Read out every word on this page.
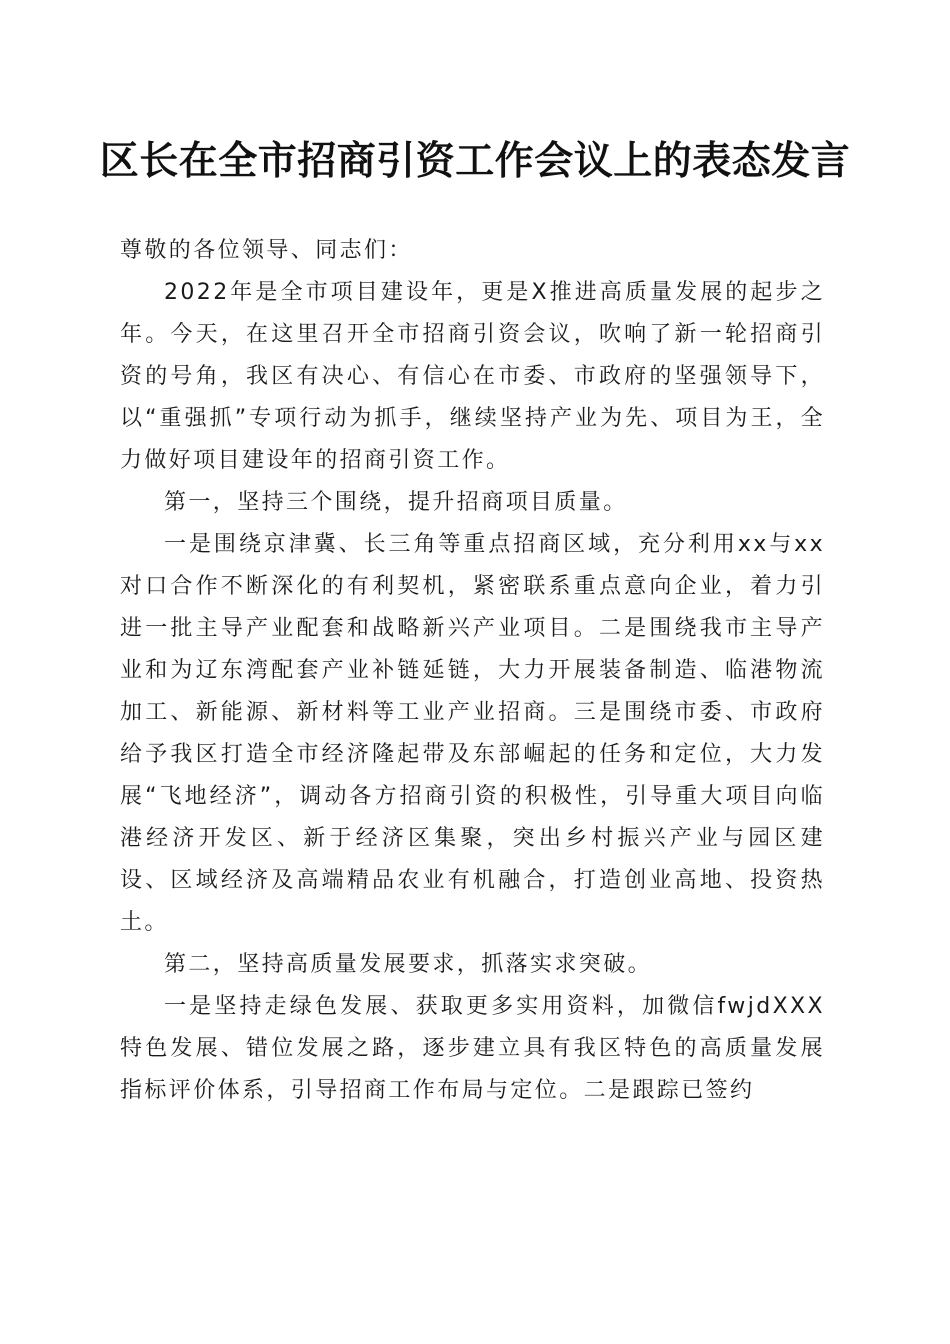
区长在全市招商引资工作会议上的表态发言

尊敬的各位领导、同志们：

2022年是全市项目建设年，更是X推进高质量发展的起步之年。今天，在这里召开全市招商引资会议，吹响了新一轮招商引资的号角，我区有决心、有信心在市委、市政府的坚强领导下，以“重强抓”专项行动为抓手，继续坚持产业为先、项目为王，全力做好项目建设年的招商引资工作。

第一，坚持三个围绕，提升招商项目质量。

一是围绕京津冀、长三角等重点招商区域，充分利用xx与xx对口合作不断深化的有利契机，紧密联系重点意向企业，着力引进一批主导产业配套和战略新兴产业项目。二是围绕我市主导产业和为辽东湾配套产业补链延链，大力开展装备制造、临港物流加工、新能源、新材料等工业产业招商。三是围绕市委、市政府给予我区打造全市经济隆起带及东部崛起的任务和定位，大力发展“飞地经济”，调动各方招商引资的积极性，引导重大项目向临港经济开发区、新于经济区集聚，突出乡村振兴产业与园区建设、区域经济及高端精品农业有机融合，打造创业高地、投资热土。

第二，坚持高质量发展要求，抓落实求突破。

一是坚持走绿色发展、获取更多实用资料，加微信fwjdXXX特色发展、错位发展之路，逐步建立具有我区特色的高质量发展指标评价体系，引导招商工作布局与定位。二是跟踪已签约
